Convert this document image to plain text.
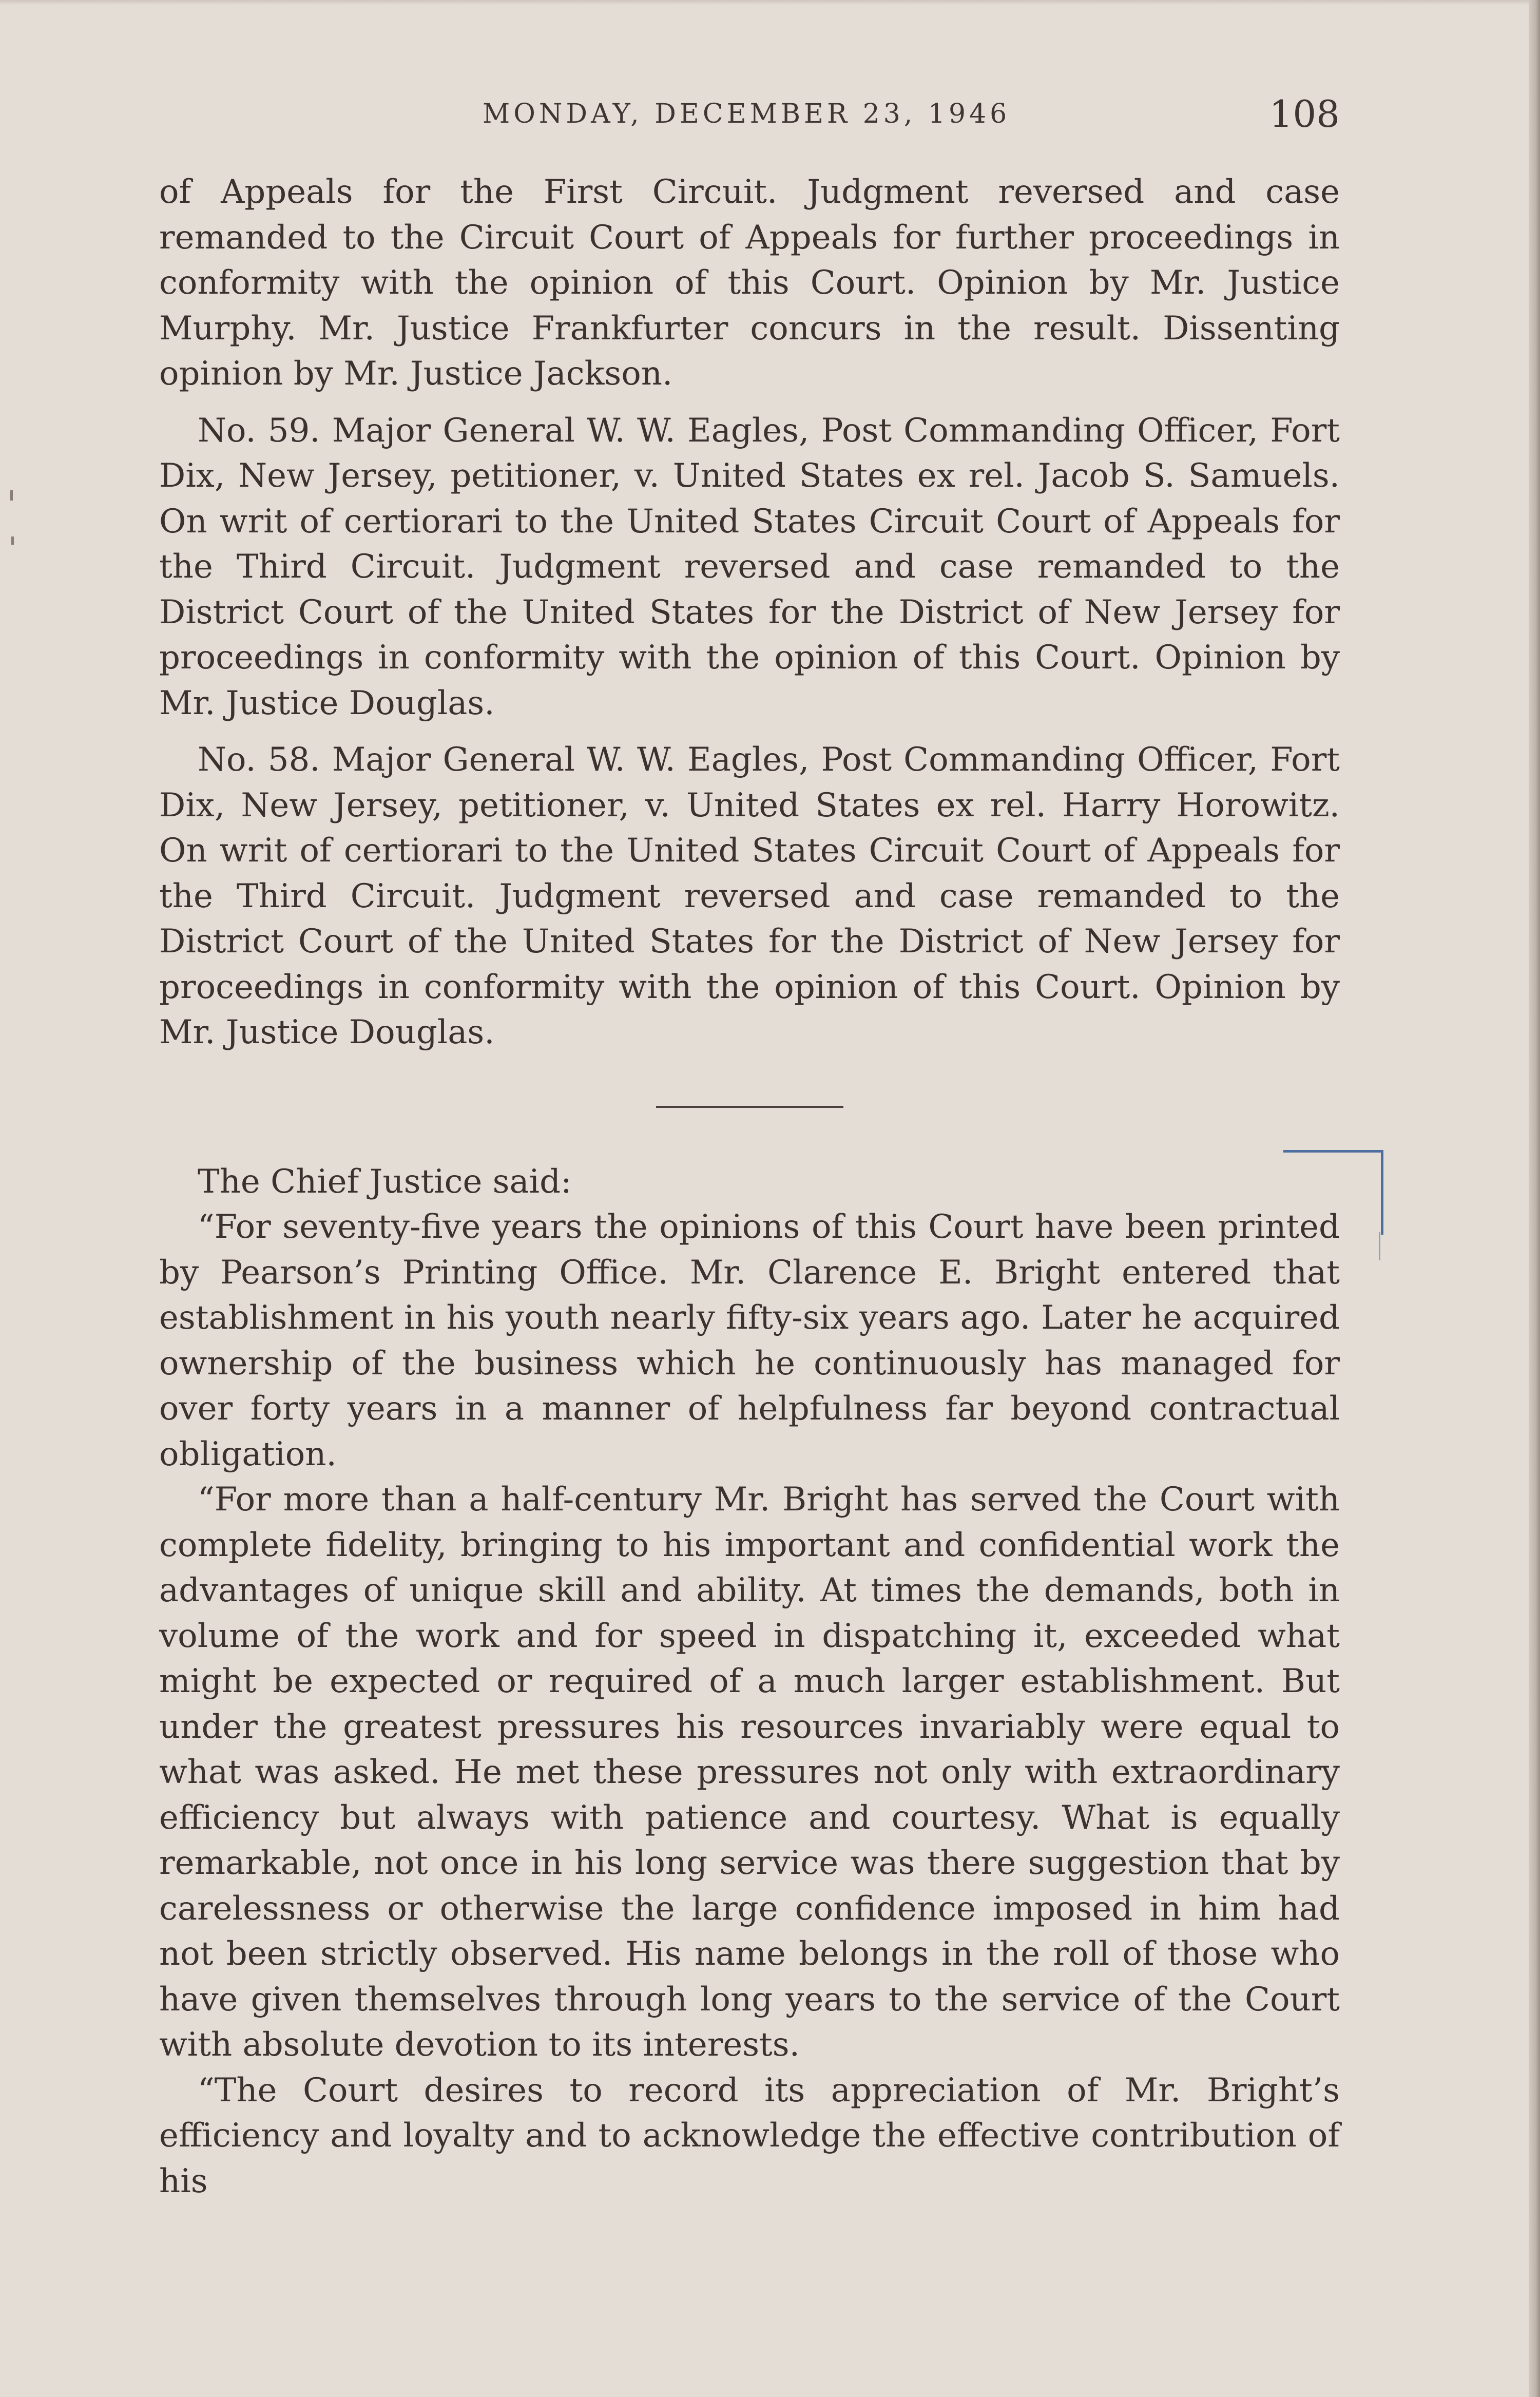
MONDAY, DECEMBER 23, 1946	108

of Appeals for the First Circuit. Judgment reversed and case remanded to the Circuit Court of Appeals for further proceedings in conformity with the opinion of this Court. Opinion by Mr. Justice Murphy. Mr. Justice Frankfurter concurs in the result. Dissenting opinion by Mr. Justice Jackson.

No. 59. Major General W. W. Eagles, Post Commanding Officer, Fort Dix, New Jersey, petitioner, v. United States ex rel. Jacob S. Samuels. On writ of certiorari to the United States Circuit Court of Appeals for the Third Circuit. Judgment reversed and case remanded to the District Court of the United States for the District of New Jersey for proceedings in conformity with the opinion of this Court. Opinion by Mr. Justice Douglas.

No. 58. Major General W. W. Eagles, Post Commanding Officer, Fort Dix, New Jersey, petitioner, v. United States ex rel. Harry Horowitz. On writ of certiorari to the United States Circuit Court of Appeals for the Third Circuit. Judgment reversed and case remanded to the District Court of the United States for the District of New Jersey for proceedings in conformity with the opinion of this Court. Opinion by Mr. Justice Douglas.

The Chief Justice said:

“For seventy-five years the opinions of this Court have been printed by Pearson’s Printing Office. Mr. Clarence E. Bright entered that establishment in his youth nearly fifty-six years ago. Later he acquired ownership of the business which he continuously has managed for over forty years in a manner of helpfulness far beyond contractual obligation.

“For more than a half-century Mr. Bright has served the Court with complete fidelity, bringing to his important and confidential work the advantages of unique skill and ability. At times the demands, both in volume of the work and for speed in dispatching it, exceeded what might be expected or required of a much larger establishment. But under the greatest pressures his resources invariably were equal to what was asked. He met these pressures not only with extraordinary efficiency but always with patience and courtesy. What is equally remarkable, not once in his long service was there suggestion that by carelessness or otherwise the large confidence imposed in him had not been strictly observed. His name belongs in the roll of those who have given themselves through long years to the service of the Court with absolute devotion to its interests.

“The Court desires to record its appreciation of Mr. Bright’s efficiency and loyalty and to acknowledge the effective contribution of his
